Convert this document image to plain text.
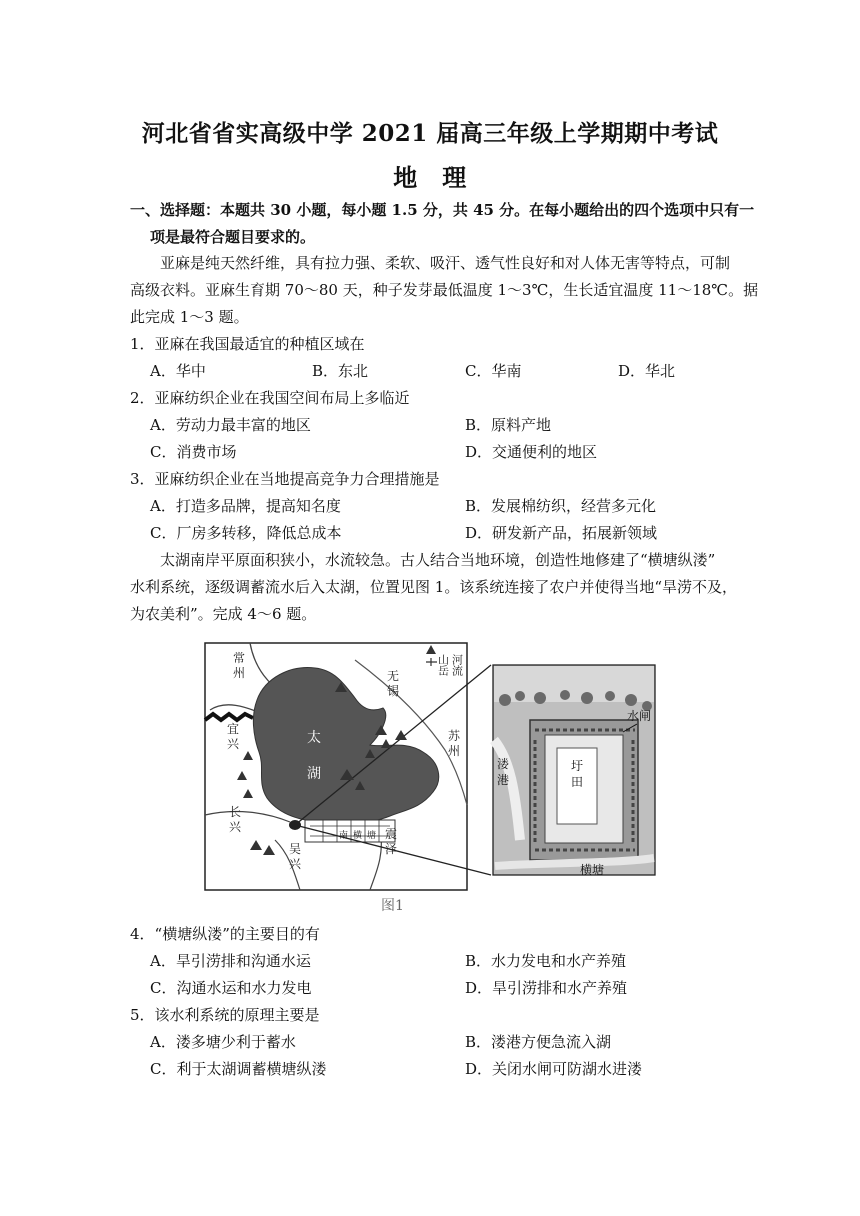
河北省省实高级中学 2021 届高三年级上学期期中考试
地　理
一、选择题：本题共 30 小题，每小题 1.5 分，共 45 分。在每小题给出的四个选项中只有一
项是最符合题目要求的。
亚麻是纯天然纤维，具有拉力强、柔软、吸汗、透气性良好和对人体无害等特点，可制
高级衣料。亚麻生育期 70～80 天，种子发芽最低温度 1～3℃，生长适宜温度 11～18℃。据
此完成 1～3 题。
1．亚麻在我国最适宜的种植区域在
A．华中	B．东北	C．华南	D．华北
2．亚麻纺织企业在我国空间布局上多临近
A．劳动力最丰富的地区	B．原料产地
C．消费市场	D．交通便利的地区
3．亚麻纺织企业在当地提高竞争力合理措施是
A．打造多品牌，提高知名度	B．发展棉纺织，经营多元化
C．厂房多转移，降低总成本	D．研发新产品，拓展新领域
太湖南岸平原面积狭小，水流较急。古人结合当地环境，创造性地修建了“横塘纵溇”
水利系统，逐级调蓄流水后入太湖，位置见图 1。该系统连接了农户并使得当地“旱涝不及，
为农美利”。完成 4～6 题。
常
州	无
锡
宜
兴
苏
州
太
湖
长
兴
吴
兴
震
泽
南 横 塘
山岳 河流
水闸
圩
田
溇
港
横塘
图1
4．“横塘纵溇”的主要目的有
A．旱引涝排和沟通水运	B．水力发电和水产养殖
C．沟通水运和水力发电	D．旱引涝排和水产养殖
5．该水利系统的原理主要是
A．溇多塘少利于蓄水	B．溇港方便急流入湖
C．利于太湖调蓄横塘纵溇	D．关闭水闸可防湖水进溇
